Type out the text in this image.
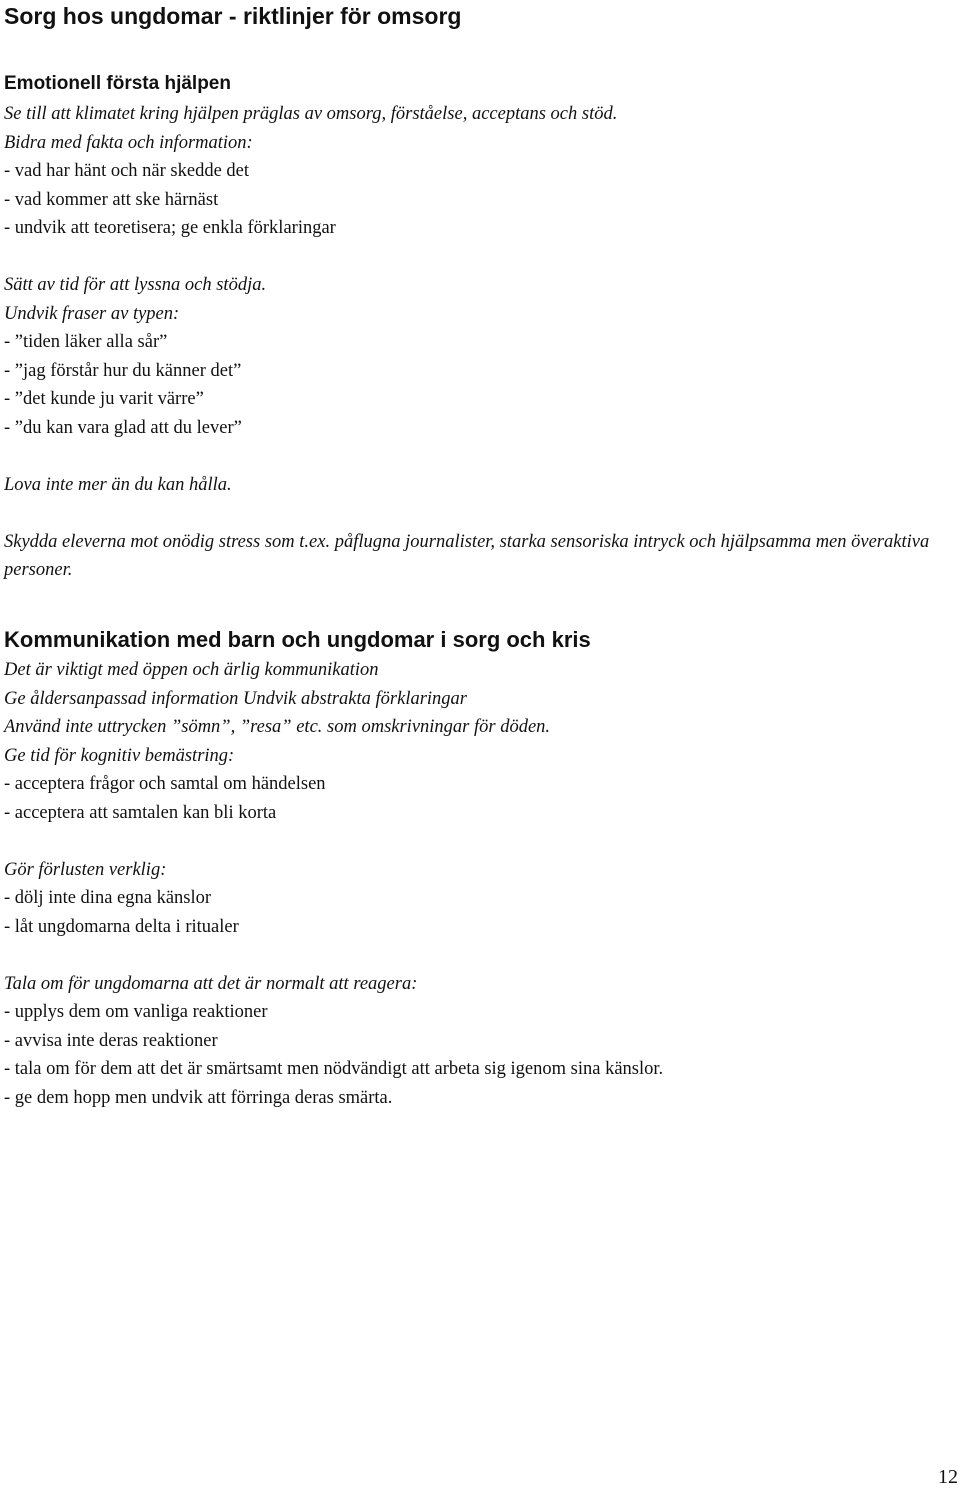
Sorg hos ungdomar - riktlinjer för omsorg
Emotionell första hjälpen
Se till att klimatet kring hjälpen präglas av omsorg, förståelse, acceptans och stöd.
Bidra med fakta och information:
- vad har hänt och när skedde det
- vad kommer att ske härnäst
- undvik att teoretisera; ge enkla förklaringar
Sätt av tid för att lyssna och stödja.
Undvik fraser av typen:
- ”tiden läker alla sår”
- ”jag förstår hur du känner det”
- ”det kunde ju varit värre”
- ”du kan vara glad att du lever”
Lova inte mer än du kan hålla.
Skydda eleverna mot onödig stress som t.ex. påflugna journalister, starka sensoriska intryck och hjälpsamma men överaktiva personer.
Kommunikation med barn och ungdomar i sorg och kris
Det är viktigt med öppen och ärlig kommunikation
Ge åldersanpassad information Undvik abstrakta förklaringar
Använd inte uttrycken ”sömn”, ”resa” etc. som omskrivningar för döden.
Ge tid för kognitiv bemästring:
- acceptera frågor och samtal om händelsen
- acceptera att samtalen kan bli korta
Gör förlusten verklig:
- dölj inte dina egna känslor
- låt ungdomarna delta i ritualer
Tala om för ungdomarna att det är normalt att reagera:
- upplys dem om vanliga reaktioner
- avvisa inte deras reaktioner
- tala om för dem att det är smärtsamt men nödvändigt att arbeta sig igenom sina känslor.
- ge dem hopp men undvik att förringa deras smärta.
12
